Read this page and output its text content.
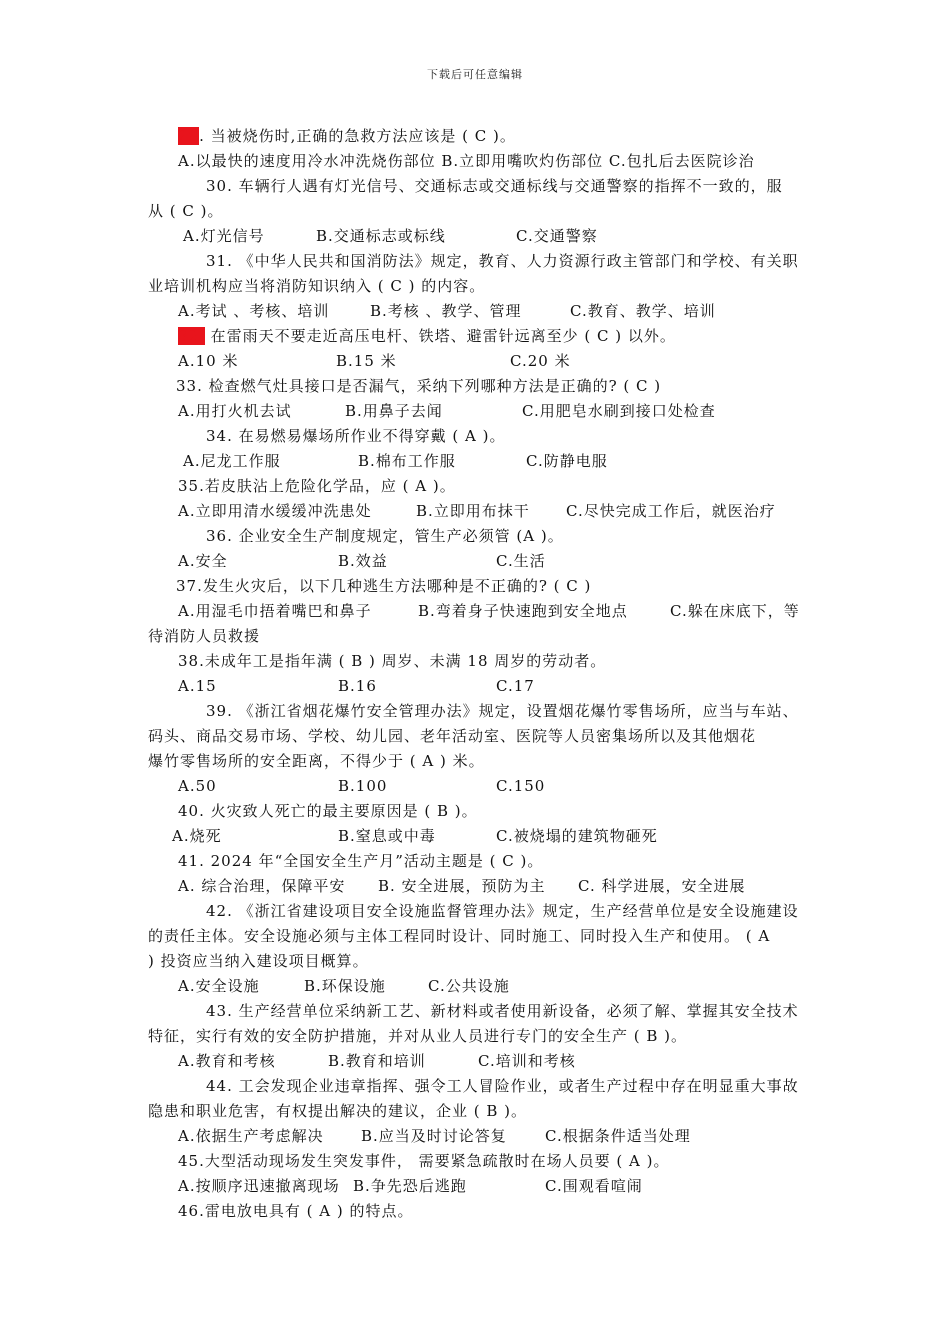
下载后可任意编辑
29. 当被烧伤时,正确的急救方法应该是 ( C )。
A.以最快的速度用冷水冲洗烧伤部位 B.立即用嘴吹灼伤部位 C.包扎后去医院诊治
30. 车辆行人遇有灯光信号、交通标志或交通标线与交通警察的指挥不一致的，服
从 ( C )。
A.灯光信号	B.交通标志或标线	C.交通警察
31. 《中华人民共和国消防法》规定，教育、人力资源行政主管部门和学校、有关职
业培训机构应当将消防知识纳入 ( C ) 的内容。
A.考试 、考核、培训	B.考核 、教学、管理	C.教育、教学、培训
32. 在雷雨天不要走近高压电杆、铁塔、避雷针远离至少 ( C ) 以外。
A.10 米	B.15 米	C.20 米
33. 检查燃气灶具接口是否漏气，采纳下列哪种方法是正确的? ( C )
A.用打火机去试	B.用鼻子去闻	C.用肥皂水刷到接口处检查
34. 在易燃易爆场所作业不得穿戴 ( A )。
A.尼龙工作服	B.棉布工作服	C.防静电服
35.若皮肤沾上危险化学品，应 ( A )。
A.立即用清水缓缓冲洗患处	B.立即用布抹干 C.尽快完成工作后，就医治疗
36. 企业安全生产制度规定，管生产必须管 (A )。
A.安全	B.效益	C.生活
37.发生火灾后，以下几种逃生方法哪种是不正确的? ( C )
A.用湿毛巾捂着嘴巴和鼻子	B.弯着身子快速跑到安全地点	C.躲在床底下，等
待消防人员救援
38.未成年工是指年满 ( B ) 周岁、未满 18 周岁的劳动者。
A.15	B.16	C.17
39. 《浙江省烟花爆竹安全管理办法》规定，设置烟花爆竹零售场所，应当与车站、
码头、商品交易市场、学校、幼儿园、老年活动室、医院等人员密集场所以及其他烟花
爆竹零售场所的安全距离，不得少于 ( A ) 米。
A.50	B.100	C.150
40. 火灾致人死亡的最主要原因是 ( B )。
A.烧死	B.窒息或中毒	C.被烧塌的建筑物砸死
41. 2024 年“全国安全生产月”活动主题是 ( C )。
A. 综合治理，保障平安 B. 安全进展，预防为主 C. 科学进展，安全进展
42. 《浙江省建设项目安全设施监督管理办法》规定，生产经营单位是安全设施建设
的责任主体。安全设施必须与主体工程同时设计、同时施工、同时投入生产和使用。 ( A
) 投资应当纳入建设项目概算。
A.安全设施	B.环保设施	C.公共设施
43. 生产经营单位采纳新工艺、新材料或者使用新设备，必须了解、掌握其安全技术
特征，实行有效的安全防护措施，并对从业人员进行专门的安全生产 ( B )。
A.教育和考核	B.教育和培训	C.培训和考核
44. 工会发现企业违章指挥、强令工人冒险作业，或者生产过程中存在明显重大事故
隐患和职业危害，有权提出解决的建议，企业 ( B )。
A.依据生产考虑解决 B.应当及时讨论答复	C.根据条件适当处理
45.大型活动现场发生突发事件， 需要紧急疏散时在场人员要 ( A )。
A.按顺序迅速撤离现场 B.争先恐后逃跑	C.围观看喧闹
46.雷电放电具有 ( A ) 的特点。
